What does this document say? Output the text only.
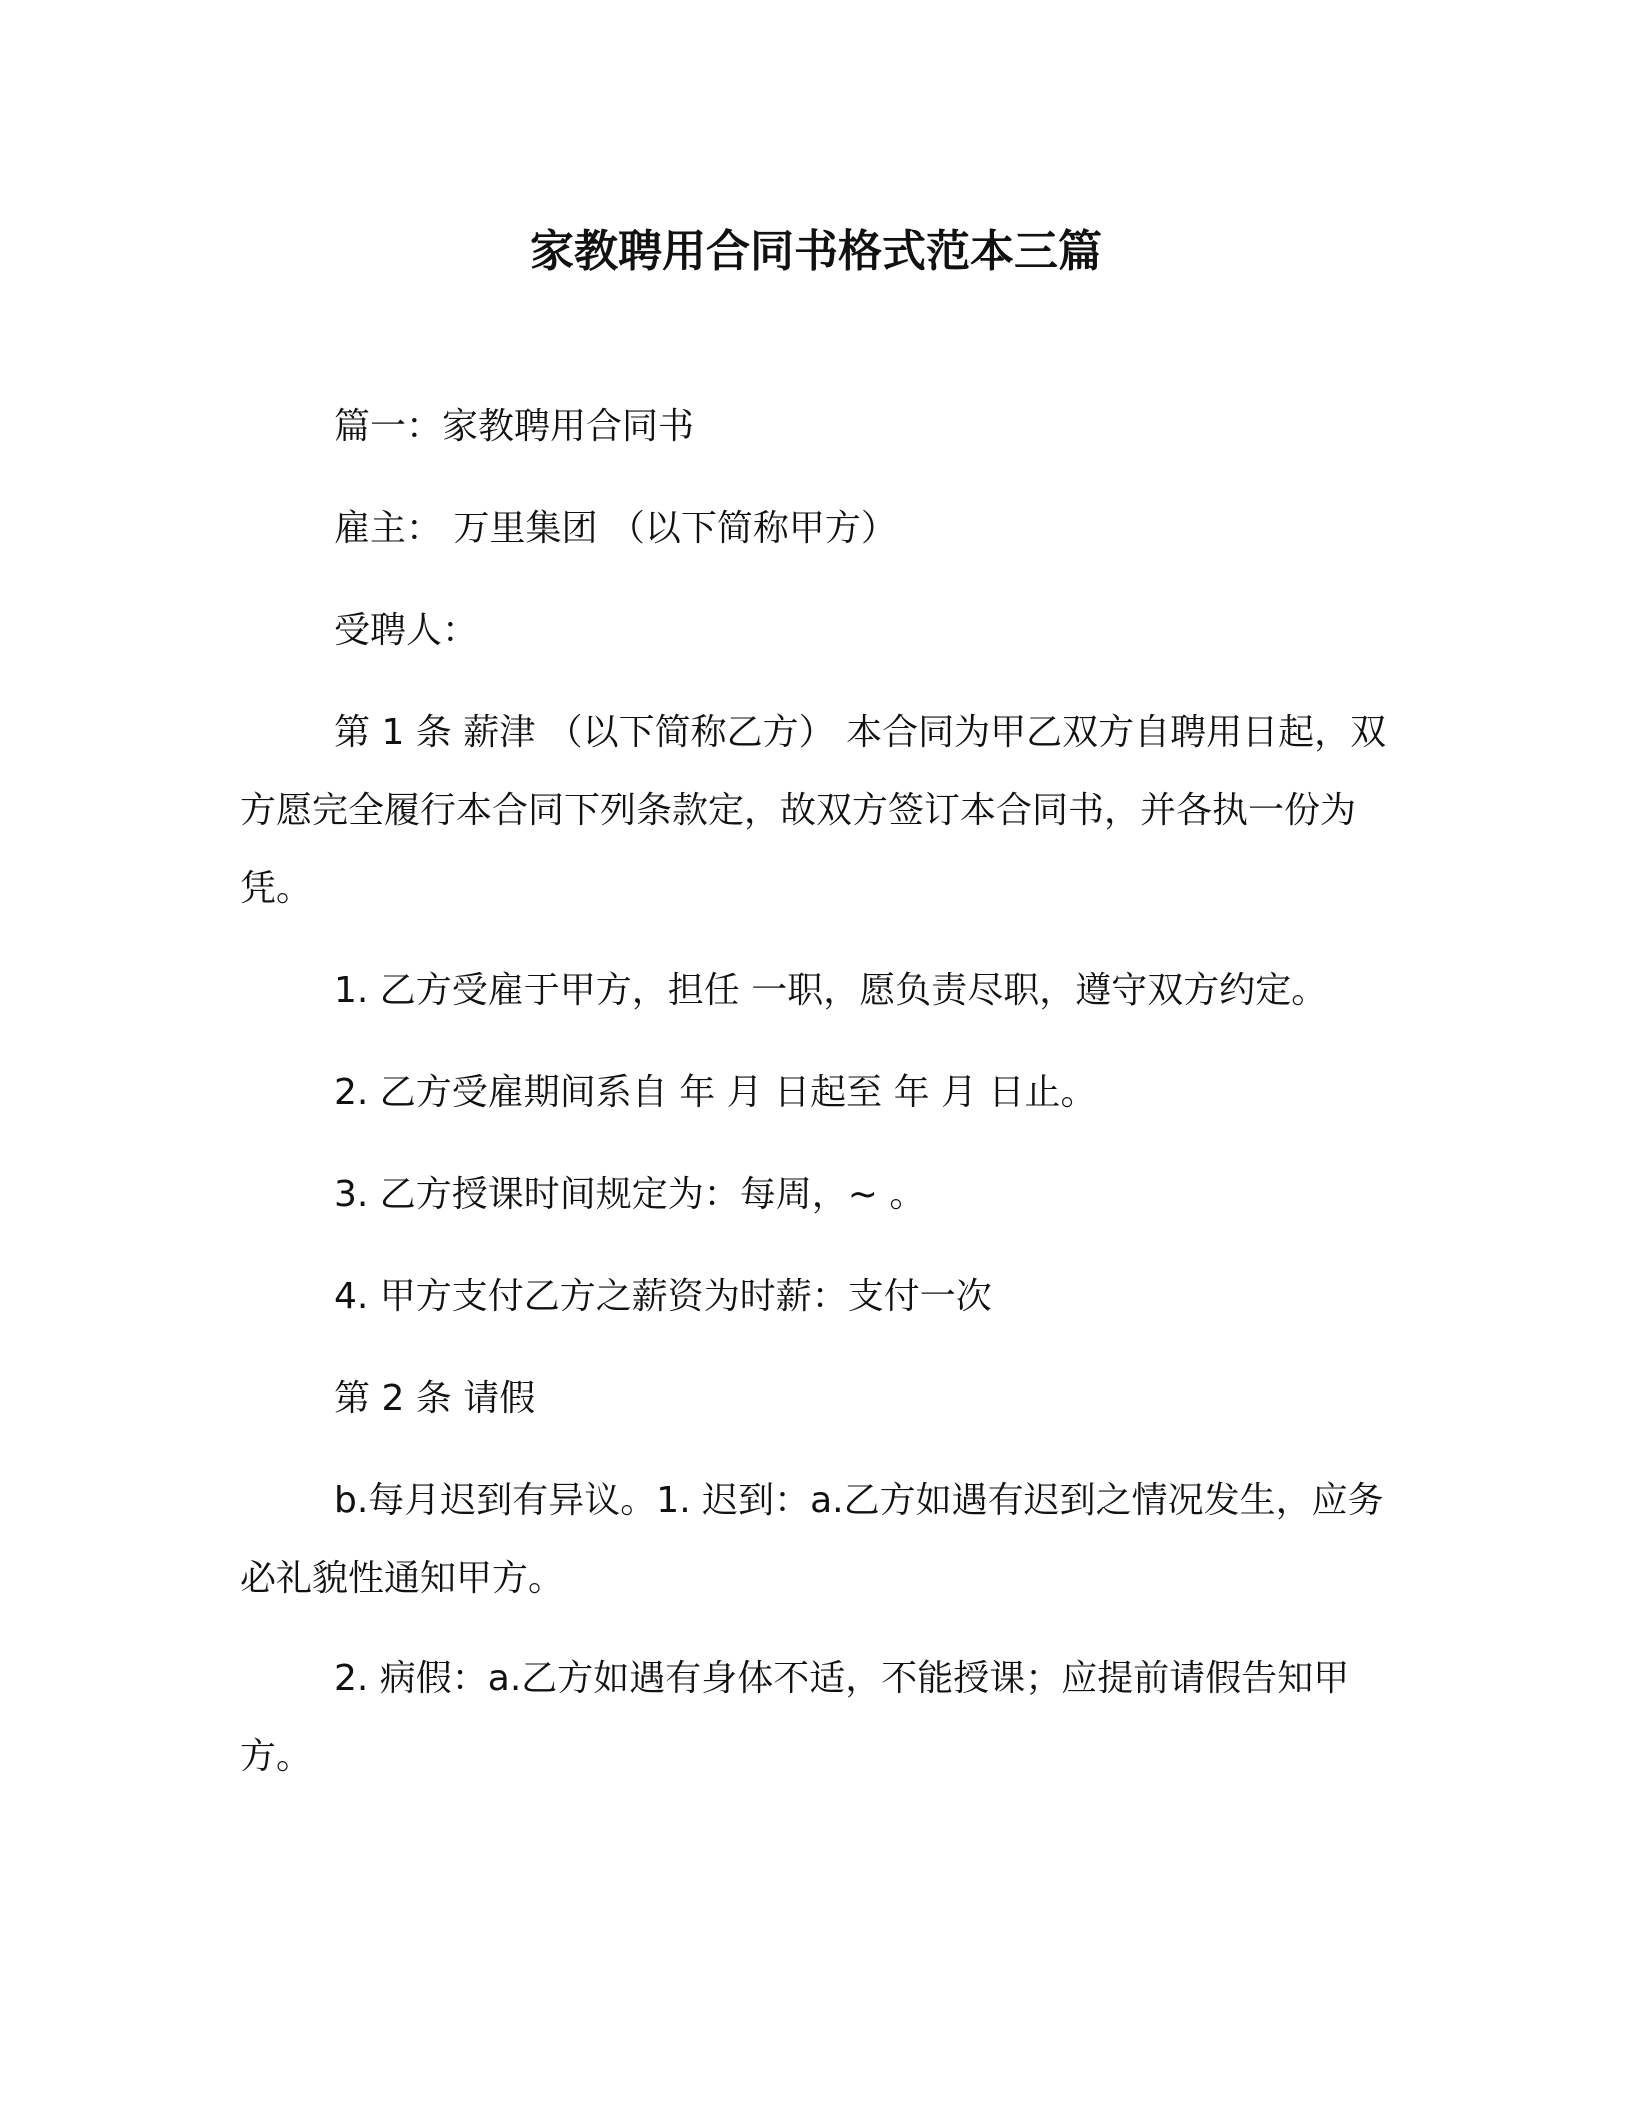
家教聘用合同书格式范本三篇

篇一：家教聘用合同书

雇主： 万里集团 （以下简称甲方）

受聘人：

第 1 条 薪津 （以下简称乙方） 本合同为甲乙双方自聘用日起，双方愿完全履行本合同下列条款定，故双方签订本合同书，并各执一份为凭。

1. 乙方受雇于甲方，担任 一职，愿负责尽职，遵守双方约定。

2. 乙方受雇期间系自 年 月 日起至 年 月 日止。

3. 乙方授课时间规定为：每周，~ 。

4. 甲方支付乙方之薪资为时薪：支付一次

第 2 条 请假

b.每月迟到有异议。1. 迟到：a.乙方如遇有迟到之情况发生，应务必礼貌性通知甲方。

2. 病假：a.乙方如遇有身体不适，不能授课；应提前请假告知甲方。
